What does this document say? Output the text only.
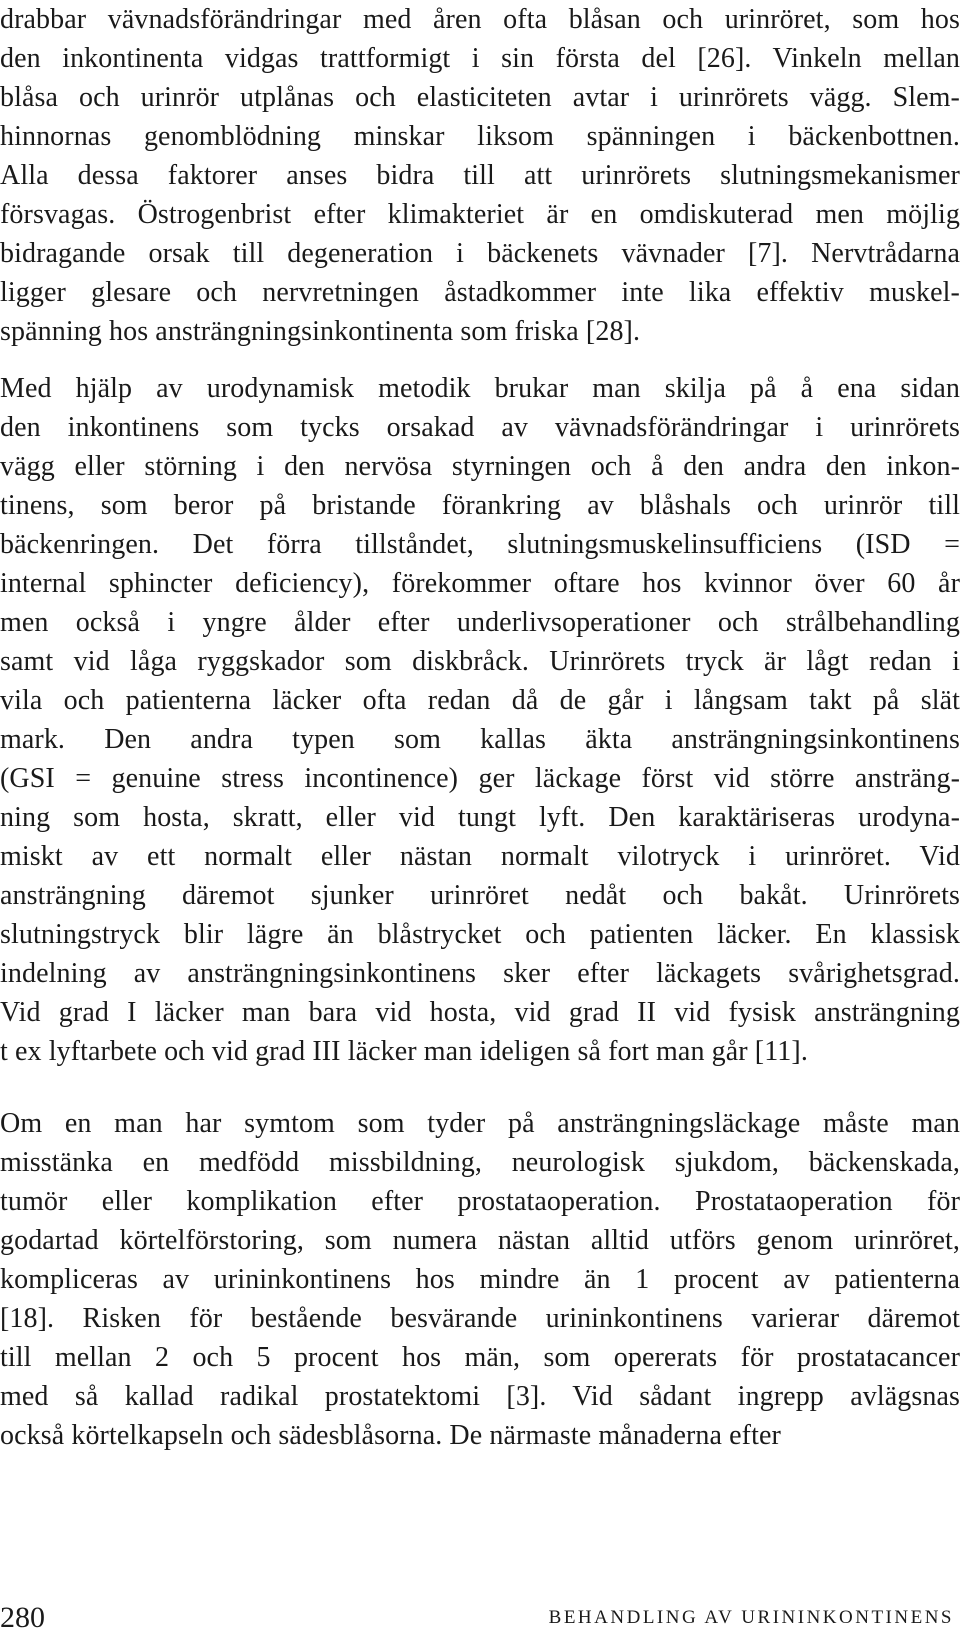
drabbar vävnadsförändringar med åren ofta blåsan och urinröret, som hos
den inkontinenta vidgas trattformigt i sin första del [26]. Vinkeln mellan
blåsa och urinrör utplånas och elasticiteten avtar i urinrörets vägg. Slem-
hinnornas genomblödning minskar liksom spänningen i bäckenbottnen.
Alla dessa faktorer anses bidra till att urinrörets slutningsmekanismer
försvagas. Östrogenbrist efter klimakteriet är en omdiskuterad men möjlig
bidragande orsak till degeneration i bäckenets vävnader [7]. Nervtrådarna
ligger glesare och nervretningen åstadkommer inte lika effektiv muskel-
spänning hos ansträngningsinkontinenta som friska [28].
Med hjälp av urodynamisk metodik brukar man skilja på å ena sidan
den inkontinens som tycks orsakad av vävnadsförändringar i urinrörets
vägg eller störning i den nervösa styrningen och å den andra den inkon-
tinens, som beror på bristande förankring av blåshals och urinrör till
bäckenringen. Det förra tillståndet, slutningsmuskelinsufficiens (ISD =
internal sphincter deficiency), förekommer oftare hos kvinnor över 60 år
men också i yngre ålder efter underlivsoperationer och strålbehandling
samt vid låga ryggskador som diskbråck. Urinrörets tryck är lågt redan i
vila och patienterna läcker ofta redan då de går i långsam takt på slät
mark. Den andra typen som kallas äkta ansträngningsinkontinens
(GSI = genuine stress incontinence) ger läckage först vid större ansträng-
ning som hosta, skratt, eller vid tungt lyft. Den karaktäriseras urodyna-
miskt av ett normalt eller nästan normalt vilotryck i urinröret. Vid
ansträngning däremot sjunker urinröret nedåt och bakåt. Urinrörets
slutningstryck blir lägre än blåstrycket och patienten läcker. En klassisk
indelning av ansträngningsinkontinens sker efter läckagets svårighetsgrad.
Vid grad I läcker man bara vid hosta, vid grad II vid fysisk ansträngning
t ex lyftarbete och vid grad III läcker man ideligen så fort man går [11].
Om en man har symtom som tyder på ansträngningsläckage måste man
misstänka en medfödd missbildning, neurologisk sjukdom, bäckenskada,
tumör eller komplikation efter prostataoperation. Prostataoperation för
godartad körtelförstoring, som numera nästan alltid utförs genom urinröret,
kompliceras av urininkontinens hos mindre än 1 procent av patienterna
[18]. Risken för bestående besvärande urininkontinens varierar däremot
till mellan 2 och 5 procent hos män, som opererats för prostatacancer
med så kallad radikal prostatektomi [3]. Vid sådant ingrepp avlägsnas
också körtelkapseln och sädesblåsorna. De närmaste månaderna efter
280	BEHANDLING AV URININKONTINENS
